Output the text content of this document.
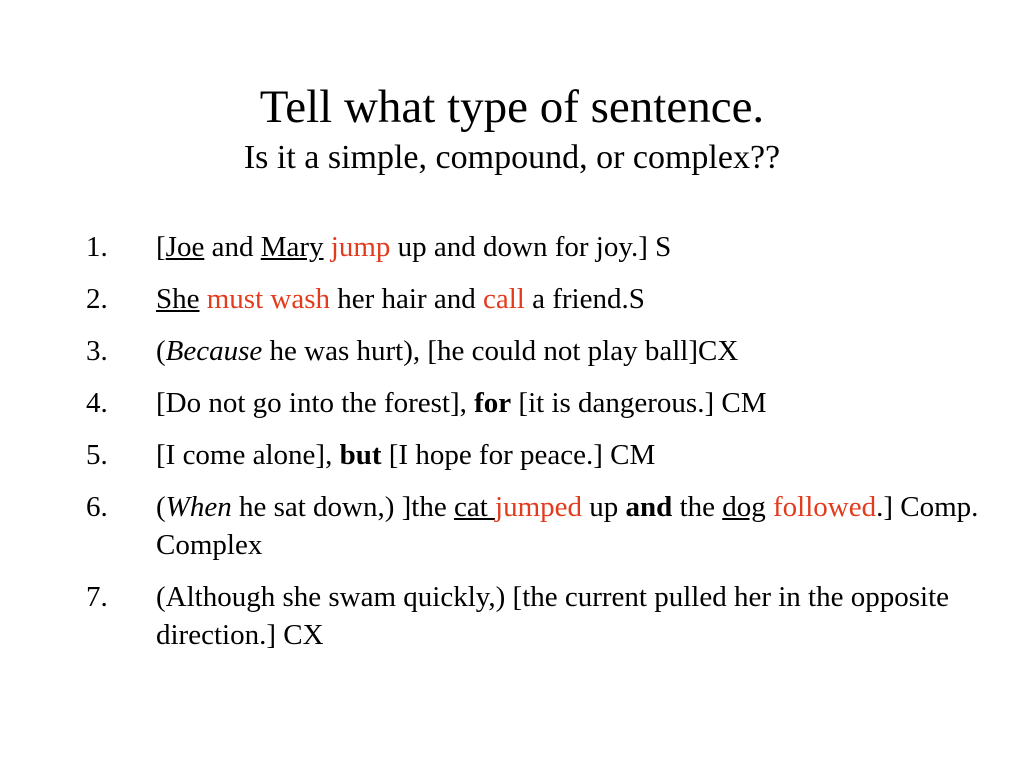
Tell what type of sentence.
Is it a simple, compound, or complex??
1.	[Joe and Mary jump up and down for joy.] S
2.	She must wash her hair and call a friend.S
3.	(Because he was hurt), [he could not play ball]CX
4.	[Do not go into the forest], for [it is dangerous.] CM
5.	[I come alone], but [I hope for peace.] CM
6.	(When he sat down,) ]the cat jumped up and the dog followed.] Comp. Complex
7.	(Although she swam quickly,) [the current pulled her in the opposite direction.] CX
